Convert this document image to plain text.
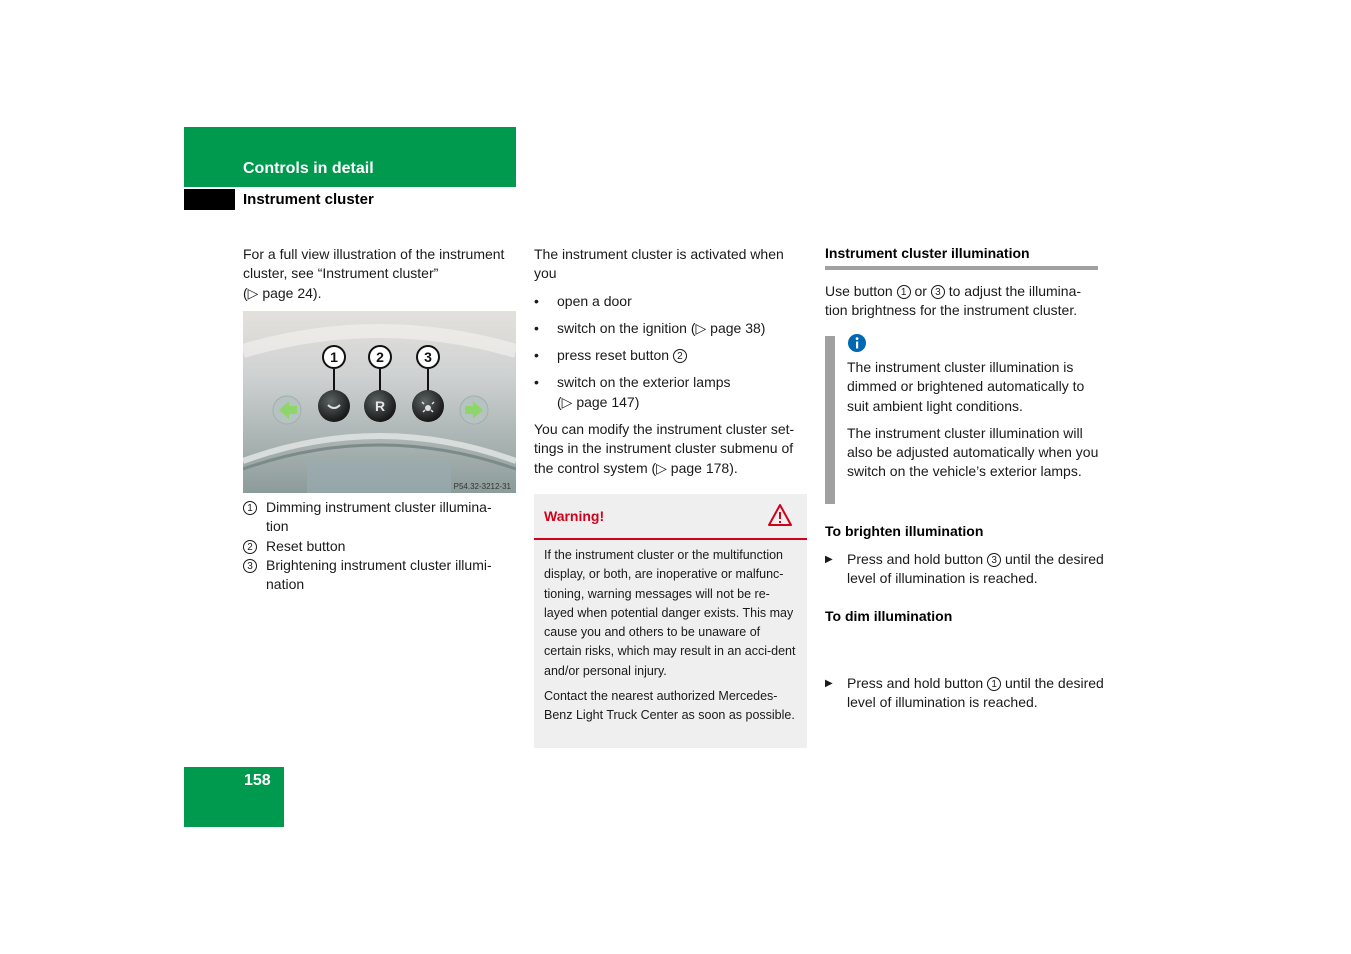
Controls in detail
Instrument cluster

For a full view illustration of the instrument cluster, see “Instrument cluster”
(▷ page 24).

1	2	3
R
P54.32-3212-31
1 Dimming instrument cluster illumina-
tion
2 Reset button
3 Brightening instrument cluster illumi-
nation

The instrument cluster is activated when you

• open a door
• switch on the ignition (▷ page 38)
• press reset button 2
• switch on the exterior lamps
(▷ page 147)

You can modify the instrument cluster set-tings in the instrument cluster submenu of the control system (▷ page 178).

Warning!

If the instrument cluster or the multifunction display, or both, are inoperative or malfunc-tioning, warning messages will not be re-layed when potential danger exists. This may cause you and others to be unaware of certain risks, which may result in an acci-dent and/or personal injury.

Contact the nearest authorized Mercedes-Benz Light Truck Center as soon as possible.

Instrument cluster illumination

Use button 1 or 3 to adjust the illumina-tion brightness for the instrument cluster.

The instrument cluster illumination is dimmed or brightened automatically to suit ambient light conditions.

The instrument cluster illumination will also be adjusted automatically when you switch on the vehicle’s exterior lamps.

To brighten illumination
▶ Press and hold button 3 until the desired level of illumination is reached.
To dim illumination
▶ Press and hold button 1 until the desired level of illumination is reached.
158
